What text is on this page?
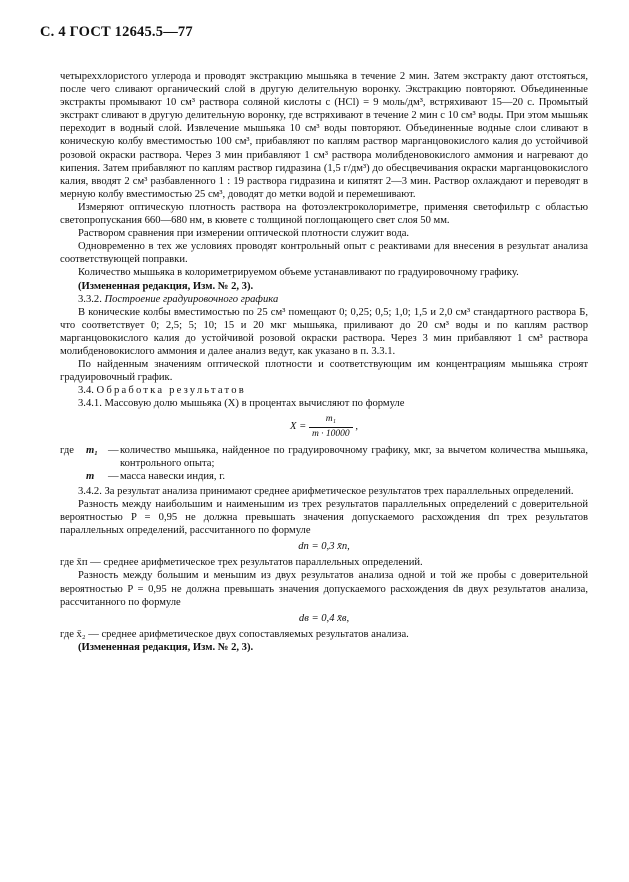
С. 4 ГОСТ 12645.5—77

четыреххлористого углерода и проводят экстракцию мышьяка в течение 2 мин. Затем экстракту дают отстояться, после чего сливают органический слой в другую делительную воронку. Экстракцию повторяют. Объединенные экстракты промывают 10 см³ раствора соляной кислоты c (HCl) = 9 моль/дм³, встряхивают 15—20 с. Промытый экстракт сливают в другую делительную воронку, где встряхивают в течение 2 мин с 10 см³ воды. При этом мышьяк переходит в водный слой. Извлечение мышьяка 10 см³ воды повторяют. Объединенные водные слои сливают в коническую колбу вместимостью 100 см³, прибавляют по каплям раствор марганцовокислого калия до устойчивой розовой окраски раствора. Через 3 мин прибавляют 1 см³ раствора молибденовокислого аммония и нагревают до кипения. Затем прибавляют по каплям раствор гидразина (1,5 г/дм³) до обесцвечивания окраски марганцовокислого калия, вводят 2 см³ разбавленного 1 : 19 раствора гидразина и кипятят 2—3 мин. Раствор охлаждают и переводят в мерную колбу вместимостью 25 см³, доводят до метки водой и перемешивают.

Измеряют оптическую плотность раствора на фотоэлектроколориметре, применяя светофильтр с областью светопропускания 660—680 нм, в кювете с толщиной поглощающего свет слоя 50 мм.

Раствором сравнения при измерении оптической плотности служит вода.

Одновременно в тех же условиях проводят контрольный опыт с реактивами для внесения в результат анализа соответствующей поправки.

Количество мышьяка в колориметрируемом объеме устанавливают по градуировочному графику.

(Измененная редакция, Изм. № 2, 3).

3.3.2. Построение градуировочного графика

В конические колбы вместимостью по 25 см³ помещают 0; 0,25; 0,5; 1,0; 1,5 и 2,0 см³ стандартного раствора Б, что соответствует 0; 2,5; 5; 10; 15 и 20 мкг мышьяка, приливают до 20 см³ воды и по каплям раствор марганцовокислого калия до устойчивой розовой окраски раствора. Через 3 мин прибавляют 1 см³ раствора молибденовокислого аммония и далее анализ ведут, как указано в п. 3.3.1.

По найденным значениям оптической плотности и соответствующим им концентрациям мышьяка строят градуировочный график.

3.4. Обработка результатов

3.4.1. Массовую долю мышьяка (X) в процентах вычисляют по формуле

$X = \frac{\text{m₁}}{m \cdot 10000}$ ,
где	m₁ — количество мышьяка, найденное по градуировочному графику, мкг, за вычетом количества мышьяка, контрольного опыта;
m	— масса навески индия, г.

3.4.2. За результат анализа принимают среднее арифметическое результатов трех параллельных определений.

Разность между наибольшим и наименьшим из трех результатов параллельных определений с доверительной вероятностью P = 0,95 не должна превышать значения допускаемого расхождения dп трех результатов параллельных определений, рассчитанного по формуле

dп = 0,3 x̄п,

где x̄п — среднее арифметическое трех результатов параллельных определений.

Разность между большим и меньшим из двух результатов анализа одной и той же пробы с доверительной вероятностью P = 0,95 не должна превышать значения допускаемого расхождения dв двух результатов анализа, рассчитанного по формуле

dв = 0,4 x̄в,

где x̄₂ — среднее арифметическое двух сопоставляемых результатов анализа.

(Измененная редакция, Изм. № 2, 3).
